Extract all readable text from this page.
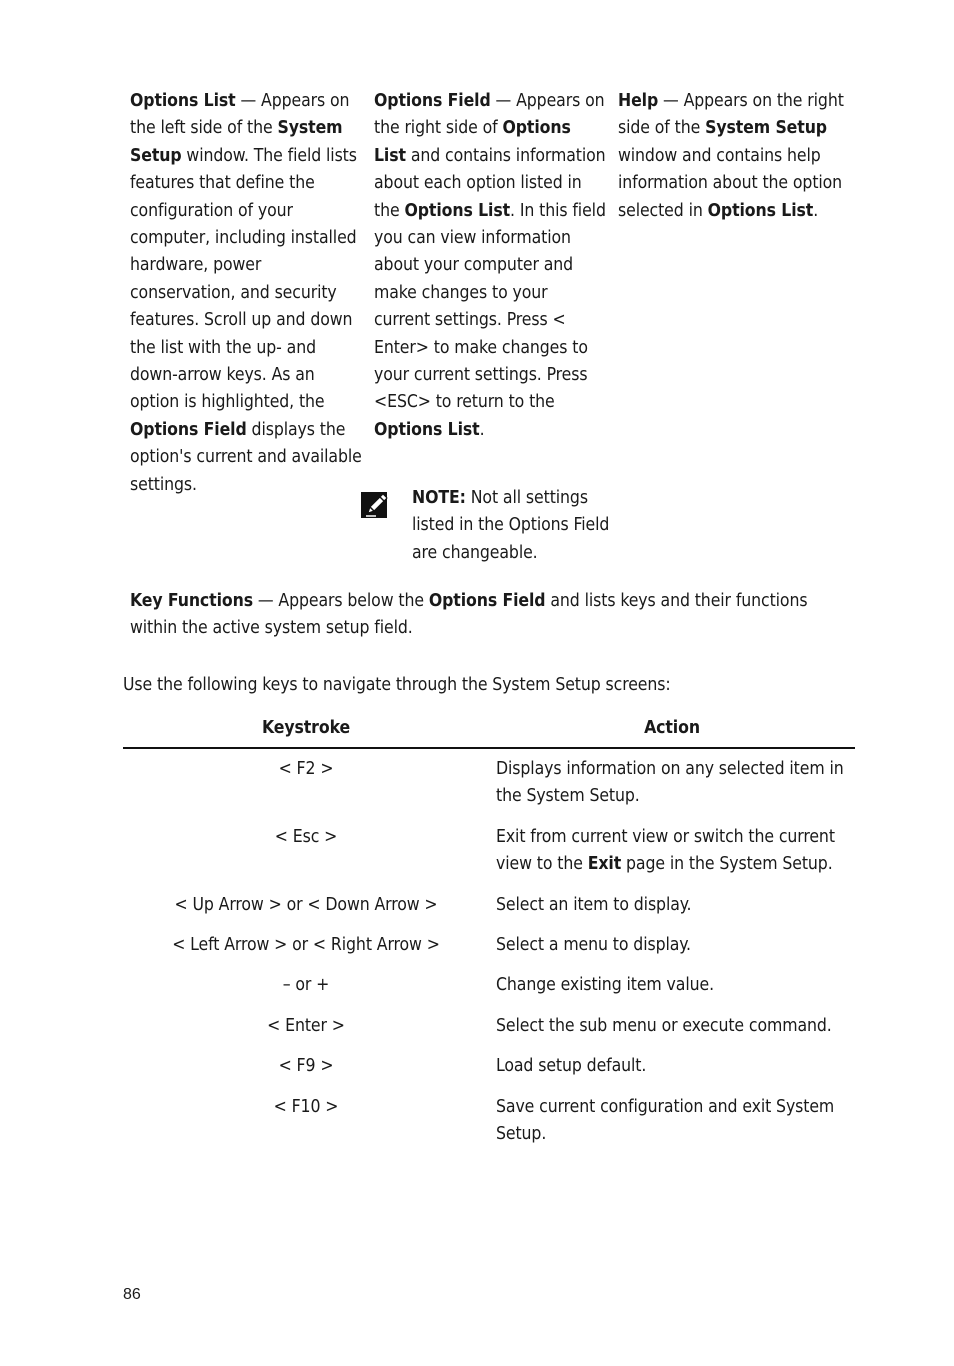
Options List — Appears on the left side of the System Setup window. The field lists features that define the configuration of your computer, including installed hardware, power conservation, and security features. Scroll up and down the list with the up- and down-arrow keys. As an option is highlighted, the Options Field displays the option's current and available settings.
Options Field — Appears on the right side of Options List and contains information about each option listed in the Options List. In this field you can view information about your computer and make changes to your current settings. Press < Enter> to make changes to your current settings. Press <ESC> to return to the Options List.
Help — Appears on the right side of the System Setup window and contains help information about the option selected in Options List.
NOTE: Not all settings listed in the Options Field are changeable.
Key Functions — Appears below the Options Field and lists keys and their functions within the active system setup field.
Use the following keys to navigate through the System Setup screens:
Keystroke	Action
< F2 >	Displays information on any selected item in the System Setup.
< Esc >	Exit from current view or switch the current view to the Exit page in the System Setup.
< Up Arrow > or < Down Arrow >	Select an item to display.
< Left Arrow > or < Right Arrow >	Select a menu to display.
– or +	Change existing item value.
< Enter >	Select the sub menu or execute command.
< F9 >	Load setup default.
< F10 >	Save current configuration and exit System Setup.
86
